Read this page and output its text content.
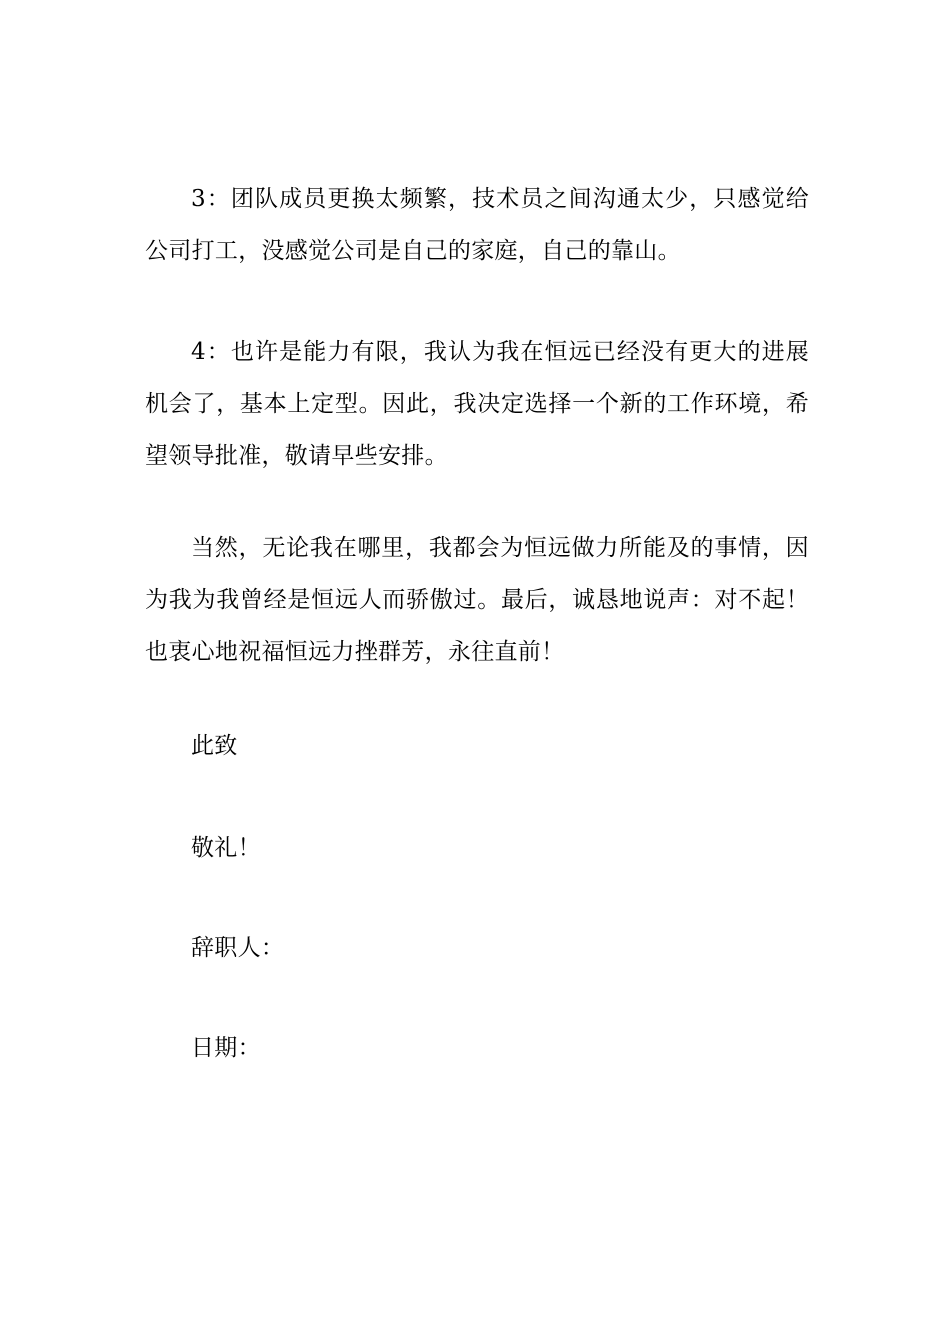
3：团队成员更换太频繁，技术员之间沟通太少，只感觉给公司打工，没感觉公司是自己的家庭，自己的靠山。

4：也许是能力有限，我认为我在恒远已经没有更大的进展机会了，基本上定型。因此，我决定选择一个新的工作环境，希望领导批准，敬请早些安排。

当然，无论我在哪里，我都会为恒远做力所能及的事情，因为我为我曾经是恒远人而骄傲过。最后，诚恳地说声：对不起！也衷心地祝福恒远力挫群芳，永往直前！

此致

敬礼！

辞职人：

日期：
